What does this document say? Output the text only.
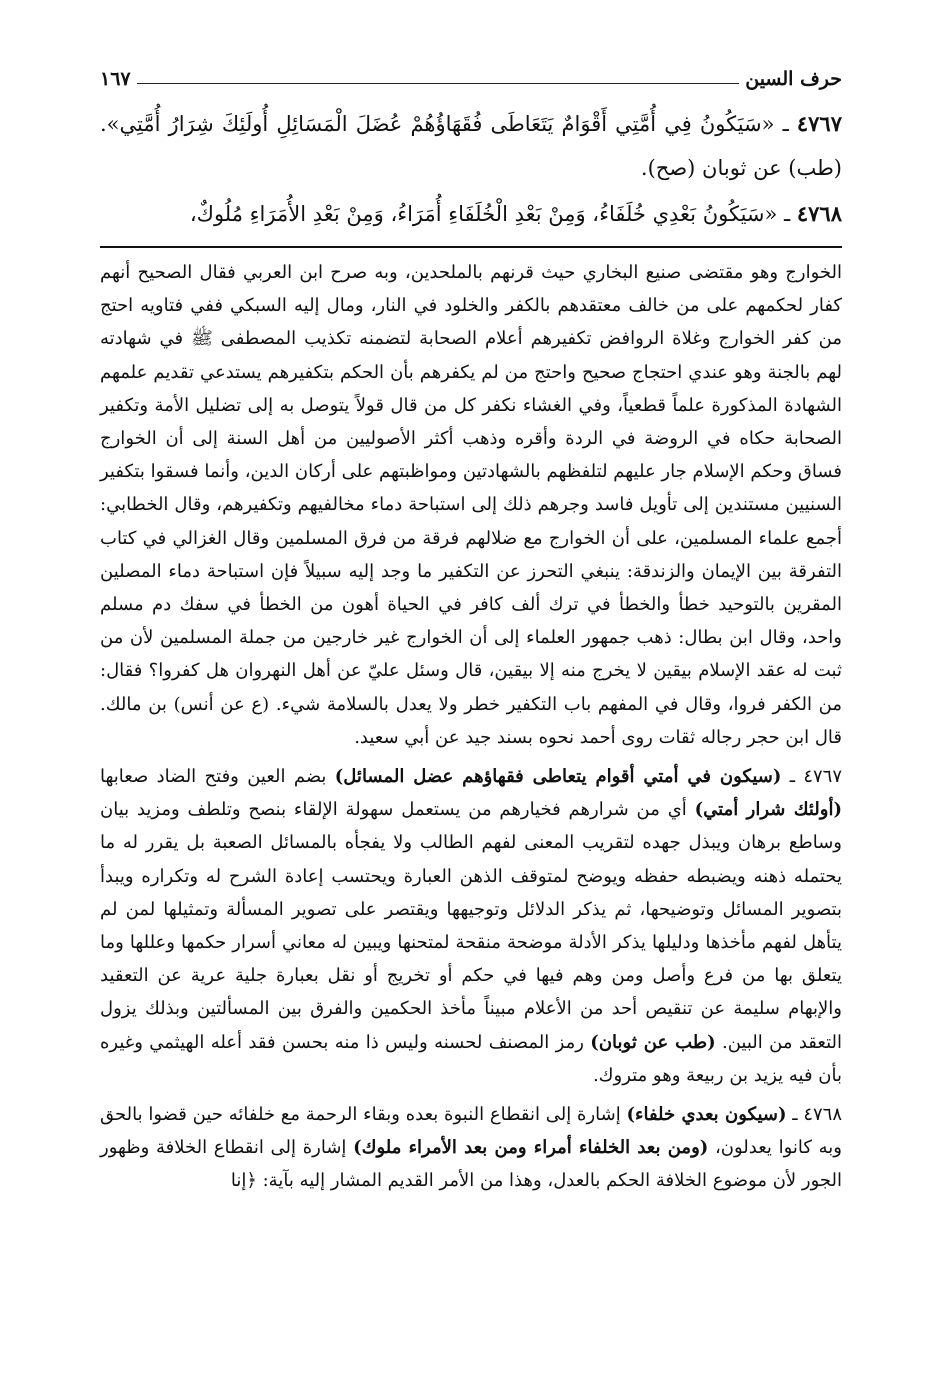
حرف السين
١٦٧

٤٧٦٧ ـ «سَيَكُونُ فِي أُمَّتِي أَقْوَامٌ يَتَعَاطَى فُقَهَاؤُهُمْ عُضَلَ الْمَسَائِلِ أُولَئِكَ شِرَارُ أُمَّتِي». (طب) عن ثوبان (صح).

٤٧٦٨ ـ «سَيَكُونُ بَعْدِي خُلَفَاءُ، وَمِنْ بَعْدِ الْخُلَفَاءِ أُمَرَاءُ، وَمِنْ بَعْدِ الأُمَرَاءِ مُلُوكٌ،

الخوارج وهو مقتضى صنيع البخاري حيث قرنهم بالملحدين، وبه صرح ابن العربي فقال الصحيح أنهم كفار لحكمهم على من خالف معتقدهم بالكفر والخلود في النار، ومال إليه السبكي ففي فتاويه احتج من كفر الخوارج وغلاة الروافض تكفيرهم أعلام الصحابة لتضمنه تكذيب المصطفى ﷺ في شهادته لهم بالجنة وهو عندي احتجاج صحيح واحتج من لم يكفرهم بأن الحكم بتكفيرهم يستدعي تقديم علمهم الشهادة المذكورة علماً قطعياً، وفي الغشاء نكفر كل من قال قولاً يتوصل به إلى تضليل الأمة وتكفير الصحابة حكاه في الروضة في الردة وأقره وذهب أكثر الأصوليين من أهل السنة إلى أن الخوارج فساق وحكم الإسلام جار عليهم لتلفظهم بالشهادتين ومواظبتهم على أركان الدين، وأنما فسقوا بتكفير السنيين مستندين إلى تأويل فاسد وجرهم ذلك إلى استباحة دماء مخالفيهم وتكفيرهم، وقال الخطابي: أجمع علماء المسلمين، على أن الخوارج مع ضلالهم فرقة من فرق المسلمين وقال الغزالي في كتاب التفرقة بين الإيمان والزندقة: ينبغي التحرز عن التكفير ما وجد إليه سبيلاً فإن استباحة دماء المصلين المقرين بالتوحيد خطأ والخطأ في ترك ألف كافر في الحياة أهون من الخطأ في سفك دم مسلم واحد، وقال ابن بطال: ذهب جمهور العلماء إلى أن الخوارج غير خارجين من جملة المسلمين لأن من ثبت له عقد الإسلام بيقين لا يخرج منه إلا بيقين، قال وسئل عليّ عن أهل النهروان هل كفروا؟ فقال: من الكفر فروا، وقال في المفهم باب التكفير خطر ولا يعدل بالسلامة شيء. (ع عن أنس) بن مالك. قال ابن حجر رجاله ثقات روى أحمد نحوه بسند جيد عن أبي سعيد.

٤٧٦٧ ـ (سيكون في أمتي أقوام يتعاطى فقهاؤهم عضل المسائل) بضم العين وفتح الضاد صعابها (أولئك شرار أمتي) أي من شرارهم فخيارهم من يستعمل سهولة الإلقاء بنصح وتلطف ومزيد بيان وساطع برهان ويبذل جهده لتقريب المعنى لفهم الطالب ولا يفجأه بالمسائل الصعبة بل يقرر له ما يحتمله ذهنه ويضبطه حفظه ويوضح لمتوقف الذهن العبارة ويحتسب إعادة الشرح له وتكراره ويبدأ بتصوير المسائل وتوضيحها، ثم يذكر الدلائل وتوجيهها ويقتصر على تصوير المسألة وتمثيلها لمن لم يتأهل لفهم مأخذها ودليلها يذكر الأدلة موضحة منقحة لمتحنها ويبين له معاني أسرار حكمها وعللها وما يتعلق بها من فرع وأصل ومن وهم فيها في حكم أو تخريج أو نقل بعبارة جلية عرية عن التعقيد والإبهام سليمة عن تنقيص أحد من الأعلام مبيناً مأخذ الحكمين والفرق بين المسألتين وبذلك يزول التعقد من البين. (طب عن ثوبان) رمز المصنف لحسنه وليس ذا منه بحسن فقد أعله الهيثمي وغيره بأن فيه يزيد بن ربيعة وهو متروك.

٤٧٦٨ ـ (سيكون بعدي خلفاء) إشارة إلى انقطاع النبوة بعده وبقاء الرحمة مع خلفائه حين قضوا بالحق وبه كانوا يعدلون، (ومن بعد الخلفاء أمراء ومن بعد الأمراء ملوك) إشارة إلى انقطاع الخلافة وظهور الجور لأن موضوع الخلافة الحكم بالعدل، وهذا من الأمر القديم المشار إليه بآية: ﴿إنا
